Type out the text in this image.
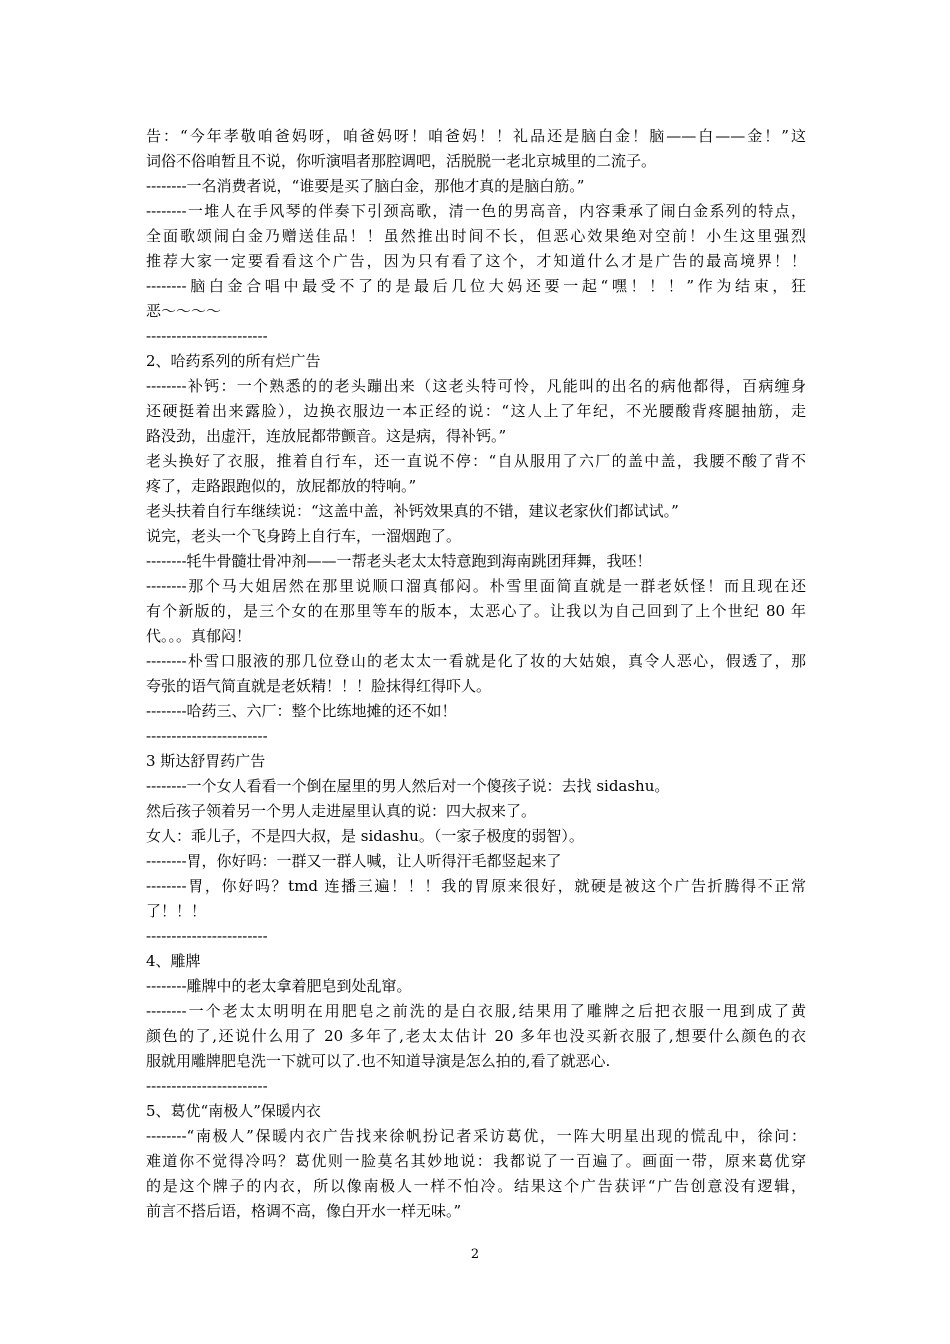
告：“今年孝敬咱爸妈呀，咱爸妈呀！咱爸妈！！礼品还是脑白金！脑——白——金！”这
词俗不俗咱暂且不说，你听演唱者那腔调吧，活脱脱一老北京城里的二流子。
--------一名消费者说，“谁要是买了脑白金，那他才真的是脑白筋。”
--------一堆人在手风琴的伴奏下引颈高歌，清一色的男高音，内容秉承了闹白金系列的特点，
全面歌颂闹白金乃赠送佳品！！虽然推出时间不长，但恶心效果绝对空前！小生这里强烈
推荐大家一定要看看这个广告，因为只有看了这个，才知道什么才是广告的最高境界！！
--------脑白金合唱中最受不了的是最后几位大妈还要一起“嘿！！！”作为结束，狂
恶～～～～
------------------------
2、哈药系列的所有烂广告
--------补钙：一个熟悉的的老头蹦出来（这老头特可怜，凡能叫的出名的病他都得，百病缠身
还硬挺着出来露脸），边换衣服边一本正经的说：“这人上了年纪，不光腰酸背疼腿抽筋，走
路没劲，出虚汗，连放屁都带颤音。这是病，得补钙。”
老头换好了衣服，推着自行车，还一直说不停：“自从服用了六厂的盖中盖，我腰不酸了背不
疼了，走路跟跑似的，放屁都放的特响。”
老头扶着自行车继续说：“这盖中盖，补钙效果真的不错，建议老家伙们都试试。”
说完，老头一个飞身跨上自行车，一溜烟跑了。
--------牦牛骨髓壮骨冲剂——一帮老头老太太特意跑到海南跳团拜舞，我呸！
--------那个马大姐居然在那里说顺口溜真郁闷。朴雪里面简直就是一群老妖怪！而且现在还
有个新版的，是三个女的在那里等车的版本，太恶心了。让我以为自己回到了上个世纪 80 年
代。。。真郁闷！
--------朴雪口服液的那几位登山的老太太一看就是化了妆的大姑娘，真令人恶心，假透了，那
夸张的语气简直就是老妖精！！！脸抹得红得吓人。
--------哈药三、六厂：整个比练地摊的还不如！
------------------------
3 斯达舒胃药广告
--------一个女人看看一个倒在屋里的男人然后对一个傻孩子说：去找 sidashu。
然后孩子领着另一个男人走进屋里认真的说：四大叔来了。
女人：乖儿子，不是四大叔，是 sidashu。（一家子极度的弱智）。
--------胃，你好吗：一群又一群人喊，让人听得汗毛都竖起来了
--------胃，你好吗？tmd 连播三遍！！！我的胃原来很好，就硬是被这个广告折腾得不正常
了！！！
------------------------
4、雕牌
--------雕牌中的老太拿着肥皂到处乱窜。
--------一个老太太明明在用肥皂之前洗的是白衣服,结果用了雕牌之后把衣服一甩到成了黄
颜色的了,还说什么用了 20 多年了,老太太估计 20 多年也没买新衣服了,想要什么颜色的衣
服就用雕牌肥皂洗一下就可以了.也不知道导演是怎么拍的,看了就恶心.
------------------------
5、葛优“南极人”保暖内衣
--------“南极人”保暖内衣广告找来徐帆扮记者采访葛优，一阵大明星出现的慌乱中，徐问：
难道你不觉得冷吗？葛优则一脸莫名其妙地说：我都说了一百遍了。画面一带，原来葛优穿
的是这个牌子的内衣，所以像南极人一样不怕冷。结果这个广告获评“广告创意没有逻辑，
前言不搭后语，格调不高，像白开水一样无味。”
2
